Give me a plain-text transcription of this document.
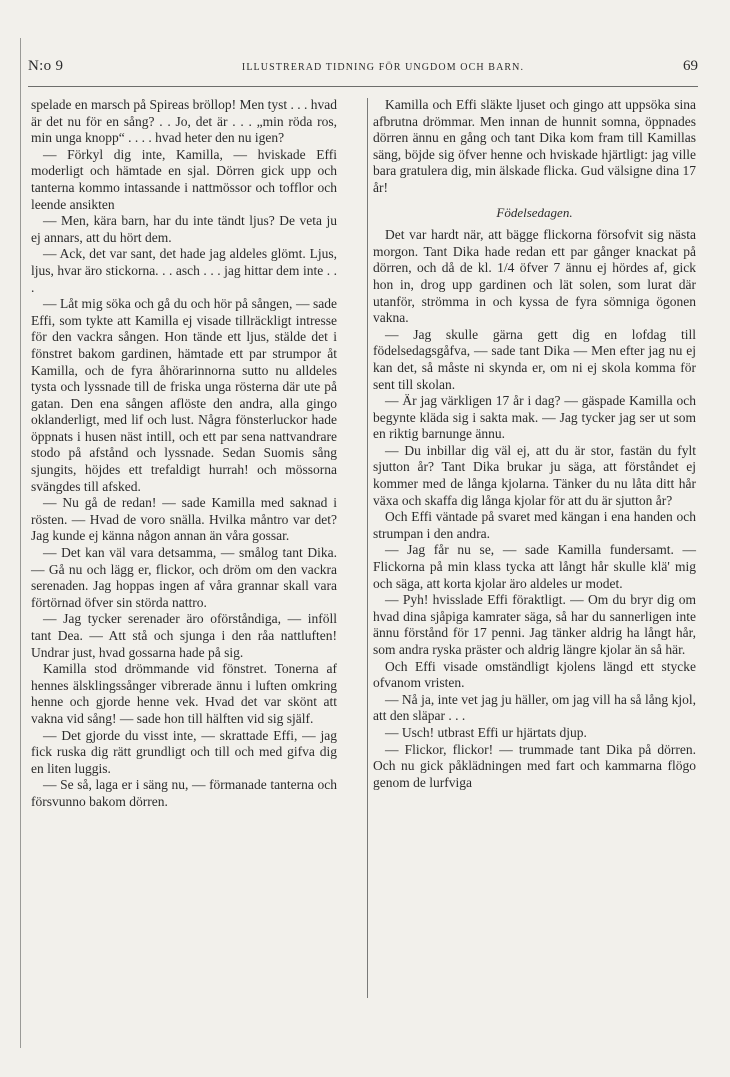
N:o 9	ILLUSTRERAD TIDNING FÖR UNGDOM OCH BARN.	69

spelade en marsch på Spireas bröllop! Men tyst . . . hvad är det nu för en sång? . . Jo, det är . . . „min röda ros, min unga knopp“ . . . . hvad heter den nu igen?

— Förkyl dig inte, Kamilla, — hviskade Effi moderligt och hämtade en sjal. Dörren gick upp och tanterna kommo intassande i nattmössor och tofflor och leende ansikten

— Men, kära barn, har du inte tändt ljus? De veta ju ej annars, att du hört dem.

— Ack, det var sant, det hade jag aldeles glömt. Ljus, ljus, hvar äro stickorna. . . asch . . . jag hittar dem inte . . .

— Låt mig söka och gå du och hör på sången, — sade Effi, som tykte att Kamilla ej visade tillräckligt intresse för den vackra sången. Hon tände ett ljus, stälde det i fönstret bakom gardinen, hämtade ett par strumpor åt Kamilla, och de fyra åhörarinnorna sutto nu alldeles tysta och lyssnade till de friska unga rösterna där ute på gatan. Den ena sången aflöste den andra, alla gingo oklanderligt, med lif och lust. Några fönsterluckor hade öppnats i husen näst intill, och ett par sena nattvandrare stodo på afstånd och lyssnade. Sedan Suomis sång sjungits, höjdes ett trefaldigt hurrah! och mössorna svängdes till afsked.

— Nu gå de redan! — sade Kamilla med saknad i rösten. — Hvad de voro snälla. Hvilka måntro var det? Jag kunde ej känna någon annan än våra gossar.

— Det kan väl vara detsamma, — smålog tant Dika. — Gå nu och lägg er, flickor, och dröm om den vackra serenaden. Jag hoppas ingen af våra grannar skall vara förtörnad öfver sin störda nattro.

— Jag tycker serenader äro oförståndiga, — inföll tant Dea. — Att stå och sjunga i den råa nattluften! Undrar just, hvad gossarna hade på sig.

Kamilla stod drömmande vid fönstret. Tonerna af hennes älsklingssånger vibrerade ännu i luften omkring henne och gjorde henne vek. Hvad det var skönt att vakna vid sång! — sade hon till hälften vid sig själf.

— Det gjorde du visst inte, — skrattade Effi, — jag fick ruska dig rätt grundligt och till och med gifva dig en liten luggis.

— Se så, laga er i säng nu, — förmanade tanterna och försvunno bakom dörren.

Kamilla och Effi släkte ljuset och gingo att uppsöka sina afbrutna drömmar. Men innan de hunnit somna, öppnades dörren ännu en gång och tant Dika kom fram till Kamillas säng, böjde sig öfver henne och hviskade hjärtligt: jag ville bara gratulera dig, min älskade flicka. Gud välsigne dina 17 år!

Födelsedagen.

Det var hardt när, att bägge flickorna försofvit sig nästa morgon. Tant Dika hade redan ett par gånger knackat på dörren, och då de kl. 1/4 öfver 7 ännu ej hördes af, gick hon in, drog upp gardinen och lät solen, som lurat där utanför, strömma in och kyssa de fyra sömniga ögonen vakna.

— Jag skulle gärna gett dig en lofdag till födelsedagsgåfva, — sade tant Dika — Men efter jag nu ej kan det, så måste ni skynda er, om ni ej skola komma för sent till skolan.

— Är jag värkligen 17 år i dag? — gäspade Kamilla och begynte kläda sig i sakta mak. — Jag tycker jag ser ut som en riktig barnunge ännu.

— Du inbillar dig väl ej, att du är stor, fastän du fylt sjutton år? Tant Dika brukar ju säga, att förståndet ej kommer med de långa kjolarna. Tänker du nu låta ditt hår växa och skaffa dig långa kjolar för att du är sjutton år?

Och Effi väntade på svaret med kängan i ena handen och strumpan i den andra.

— Jag får nu se, — sade Kamilla fundersamt. — Flickorna på min klass tycka att långt hår skulle klä' mig och säga, att korta kjolar äro aldeles ur modet.

— Pyh! hvisslade Effi föraktligt. — Om du bryr dig om hvad dina sjåpiga kamrater säga, så har du sannerligen inte ännu förstånd för 17 penni. Jag tänker aldrig ha långt hår, som andra ryska präster och aldrig längre kjolar än så här.

Och Effi visade omständligt kjolens längd ett stycke ofvanom vristen.

— Nå ja, inte vet jag ju häller, om jag vill ha så lång kjol, att den släpar . . .

— Usch! utbrast Effi ur hjärtats djup.

— Flickor, flickor! — trummade tant Dika på dörren. Och nu gick påklädningen med fart och kammarna flögo genom de lurfviga
